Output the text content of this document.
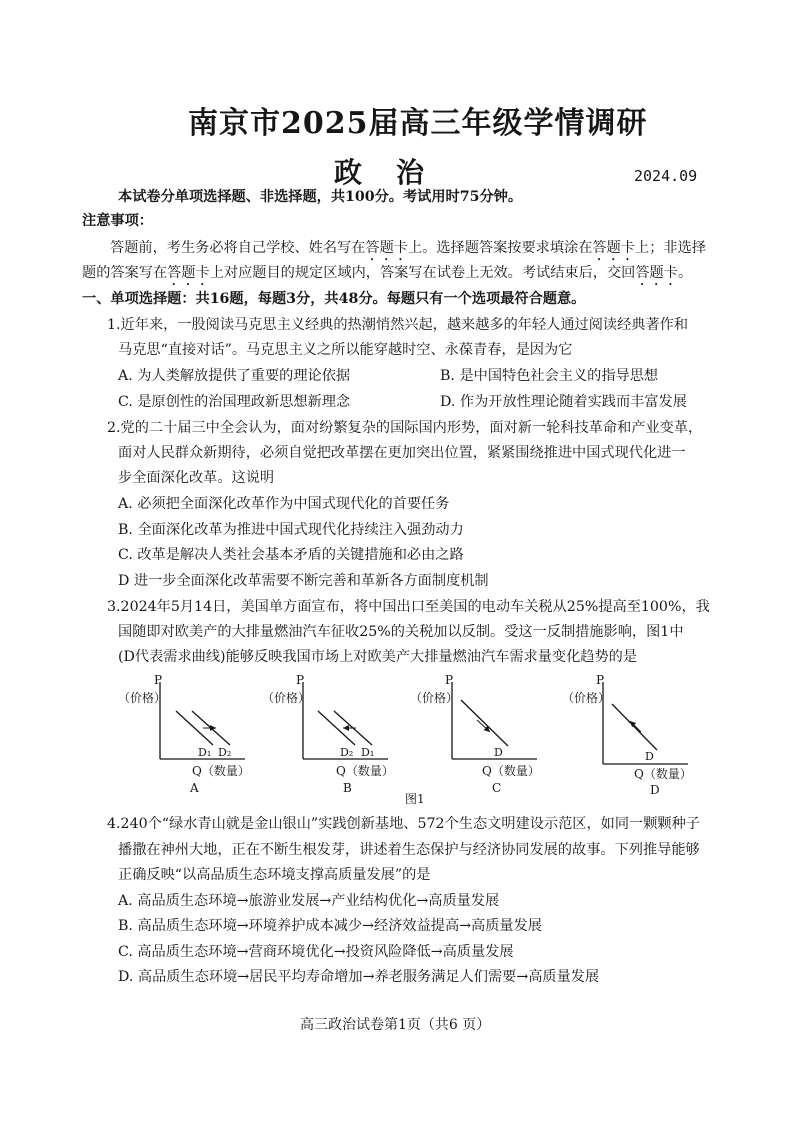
南京市2025届高三年级学情调研
政治	2024.09
本试卷分单项选择题、非选择题，共100分。考试用时75分钟。
注意事项：
答题前，考生务必将自己学校、姓名写在答题卡上。选择题答案按要求填涂在答题卡上；非选择
题的答案写在答题卡上对应题目的规定区域内，答案写在试卷上无效。考试结束后，交回答题卡。
一、单项选择题：共16题，每题3分，共48分。每题只有一个选项最符合题意。
1.近年来，一股阅读马克思主义经典的热潮悄然兴起，越来越多的年轻人通过阅读经典著作和
马克思“直接对话”。马克思主义之所以能穿越时空、永葆青春，是因为它
A. 为人类解放提供了重要的理论依据	B. 是中国特色社会主义的指导思想
C. 是原创性的治国理政新思想新理念	D. 作为开放性理论随着实践而丰富发展
2.党的二十届三中全会认为，面对纷繁复杂的国际国内形势，面对新一轮科技革命和产业变革，
面对人民群众新期待，必须自觉把改革摆在更加突出位置，紧紧围绕推进中国式现代化进一
步全面深化改革。这说明
A. 必须把全面深化改革作为中国式现代化的首要任务
B. 全面深化改革为推进中国式现代化持续注入强劲动力
C. 改革是解决人类社会基本矛盾的关键措施和必由之路
D 进一步全面深化改革需要不断完善和革新各方面制度机制
3.2024年5月14日，美国单方面宣布，将中国出口至美国的电动车关税从25%提高至100%，我
国随即对欧美产的大排量燃油汽车征收25%的关税加以反制。受这一反制措施影响，图1中
(D代表需求曲线)能够反映我国市场上对欧美产大排量燃油汽车需求量变化趋势的是
P
（价格）
D₁ D₂
Q（数量）
A
P
（价格）
D₂ D₁
Q（数量）
B
P
（价格）
D
Q（数量）
C
P
（价格）
D
Q（数量）
D
图1
4.240个“绿水青山就是金山银山”实践创新基地、572个生态文明建设示范区，如同一颗颗种子
播撒在神州大地，正在不断生根发芽，讲述着生态保护与经济协同发展的故事。下列推导能够
正确反映“以高品质生态环境支撑高质量发展”的是
A. 高品质生态环境→旅游业发展→产业结构优化→高质量发展
B. 高品质生态环境→环境养护成本减少→经济效益提高→高质量发展
C. 高品质生态环境→营商环境优化→投资风险降低→高质量发展
D. 高品质生态环境→居民平均寿命增加→养老服务满足人们需要→高质量发展
高三政治试卷第1页（共6 页）
